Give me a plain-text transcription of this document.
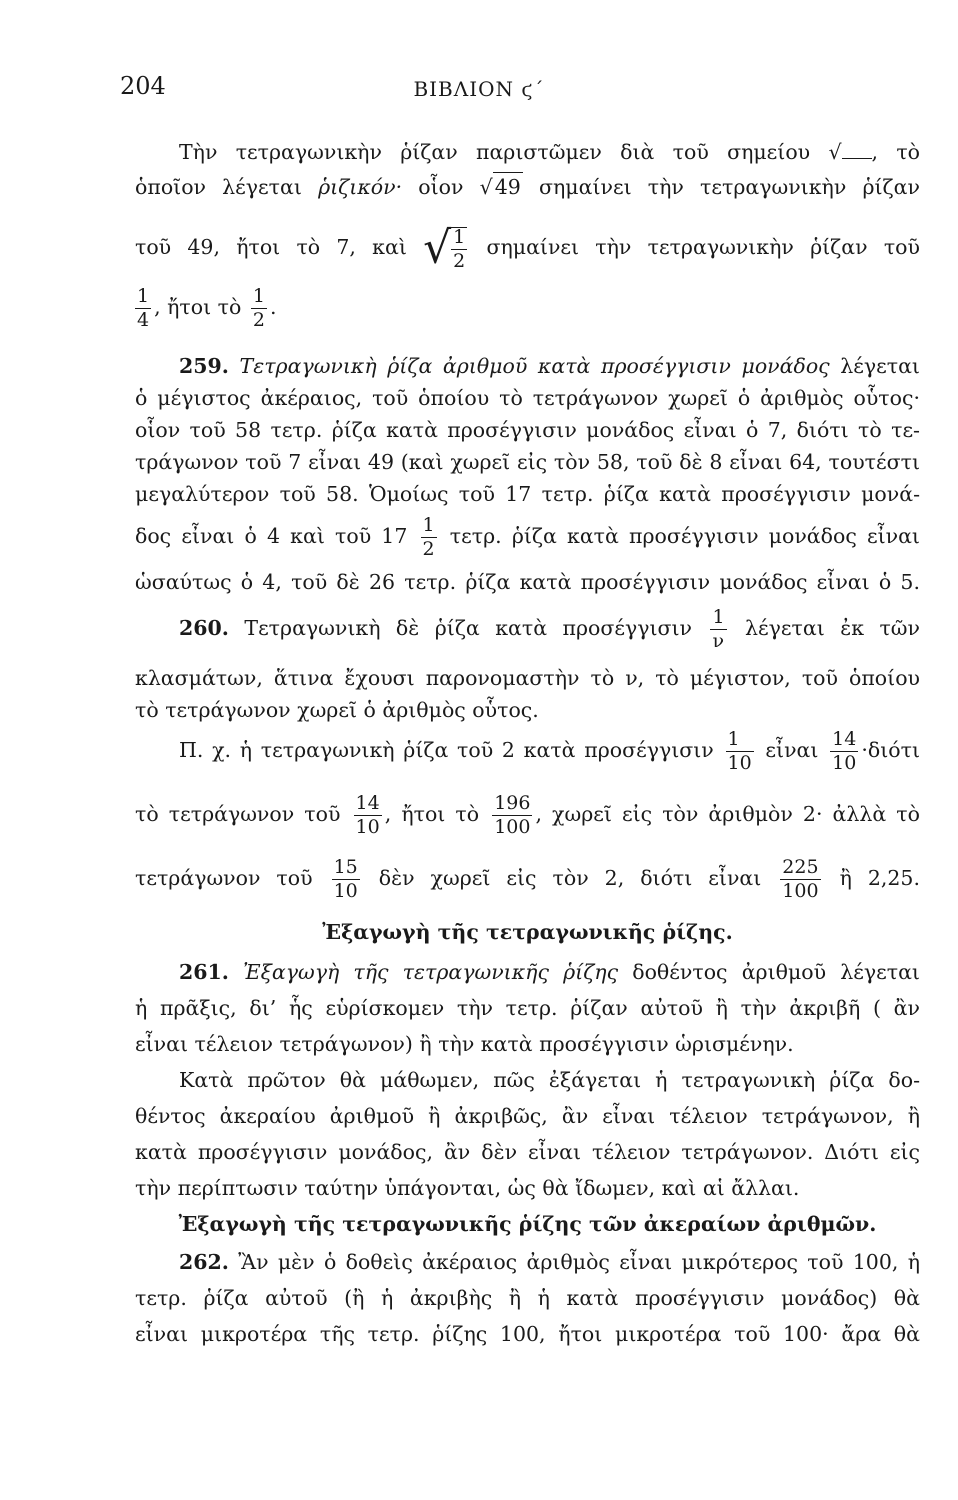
204	ΒΙΒΛΙΟΝ ϛ΄
Τὴν τετραγωνικὴν ῥίζαν παριστῶμεν διὰ τοῦ σημείου √ , τὸ
ὁποῖον λέγεται ῥιζικόν· οἷον √49 σημαίνει τὴν τετραγωνικὴν ῥίζαν
τοῦ 49, ἤτοι τὸ 7, καὶ √ $\frac{1}{2}$ σημαίνει τὴν τετραγωνικὴν ῥίζαν τοῦ
$\frac{1}{4}$ , ἤτοι τὸ $\frac{1}{2}$ .
259. Τετραγωνικὴ ῥίζα ἀριθμοῦ κατὰ προσέγγισιν μονάδος λέγεται
ὁ μέγιστος ἀκέραιος, τοῦ ὁποίου τὸ τετράγωνον χωρεῖ ὁ ἀριθμὸς οὗτος·
οἷον τοῦ 58 τετρ. ῥίζα κατὰ προσέγγισιν μονάδος εἶναι ὁ 7, διότι τὸ τε-
τράγωνον τοῦ 7 εἶναι 49 (καὶ χωρεῖ εἰς τὸν 58, τοῦ δὲ 8 εἶναι 64, τουτέστι
μεγαλύτερον τοῦ 58. Ὁμοίως τοῦ 17 τετρ. ῥίζα κατὰ προσέγγισιν μονά-
δος εἶναι ὁ 4 καὶ τοῦ $17 \frac{1}{2} \tau\varepsilon\tau\rho$. ῥίζα κατὰ προσέγγισιν μονάδος εἶναι
ὡσαύτως ὁ 4, τοῦ δὲ 26 τετρ. ῥίζα κατὰ προσέγγισιν μονάδος εἶναι ὁ 5.
260. Τετραγωνικὴ δὲ ῥίζα κατὰ προσέγγισιν $\frac{1}{\nu}$ λέγεται ἐκ τῶν
κλασμάτων, ἅτινα ἔχουσι παρονομαστὴν τὸ ν, τὸ μέγιστον, τοῦ ὁποίου
τὸ τετράγωνον χωρεῖ ὁ ἀριθμὸς οὗτος.
Π. χ. ἡ τετραγωνικὴ ῥίζα τοῦ 2 κατὰ προσέγγισιν $\frac{1}{10}$ εἶναι $\frac{14}{10} \cdot\delta\iota ό\tau\iota$
τὸ τετράγωνον τοῦ $\frac{14}{10}$ , ἤτοι τὸ $\frac{196}{100}$ , χωρεῖ εἰς τὸν ἀριθμὸν 2· ἀλλὰ τὸ
τετράγωνον τοῦ $\frac{15}{10}$ δὲν χωρεῖ εἰς τὸν 2, διότι εἶναι $\frac{225}{100}$ ἢ 2,25.
Ἐξαγωγὴ τῆς τετραγωνικῆς ῥίζης.
261. Ἐξαγωγὴ τῆς τετραγωνικῆς ῥίζης δοθέντος ἀριθμοῦ λέγεται
ἡ πρᾶξις, δι’ ἧς εὑρίσκομεν τὴν τετρ. ῥίζαν αὐτοῦ ἢ τὴν ἀκριβῆ ( ἂν
εἶναι τέλειον τετράγωνον) ἢ τὴν κατὰ προσέγγισιν ὡρισμένην.
Κατὰ πρῶτον θὰ μάθωμεν, πῶς ἐξάγεται ἡ τετραγωνικὴ ῥίζα δο-
θέντος ἀκεραίου ἀριθμοῦ ἢ ἀκριβῶς, ἂν εἶναι τέλειον τετράγωνον, ἢ
κατὰ προσέγγισιν μονάδος, ἂν δὲν εἶναι τέλειον τετράγωνον. Διότι εἰς
τὴν περίπτωσιν ταύτην ὑπάγονται, ὡς θὰ ἴδωμεν, καὶ αἱ ἄλλαι.
Ἐξαγωγὴ τῆς τετραγωνικῆς ῥίζης τῶν ἀκεραίων ἀριθμῶν.
262. Ἂν μὲν ὁ δοθεὶς ἀκέραιος ἀριθμὸς εἶναι μικρότερος τοῦ 100, ἡ
τετρ. ῥίζα αὐτοῦ (ἢ ἡ ἀκριβὴς ἢ ἡ κατὰ προσέγγισιν μονάδος) θὰ
εἶναι μικροτέρα τῆς τετρ. ῥίζης 100, ἤτοι μικροτέρα τοῦ 100· ἄρα θὰ
